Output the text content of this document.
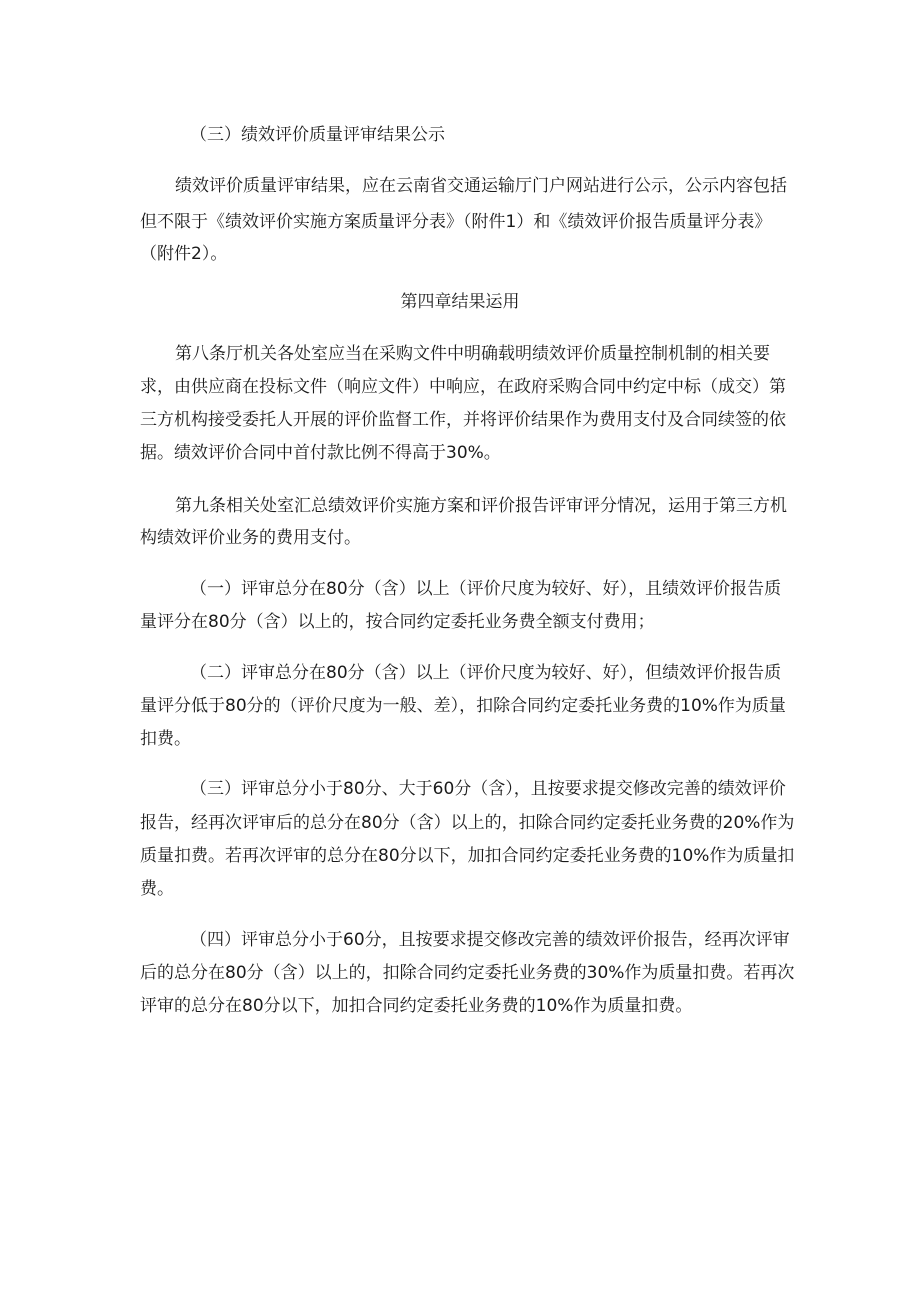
（三）绩效评价质量评审结果公示
绩效评价质量评审结果，应在云南省交通运输厅门户网站进行公示，公示内容包括
但不限于《绩效评价实施方案质量评分表》（附件1）和《绩效评价报告质量评分表》
（附件2）。
第四章结果运用
第八条厅机关各处室应当在采购文件中明确载明绩效评价质量控制机制的相关要
求，由供应商在投标文件（响应文件）中响应，在政府采购合同中约定中标（成交）第
三方机构接受委托人开展的评价监督工作，并将评价结果作为费用支付及合同续签的依
据。绩效评价合同中首付款比例不得高于30%。
第九条相关处室汇总绩效评价实施方案和评价报告评审评分情况，运用于第三方机
构绩效评价业务的费用支付。
（一）评审总分在80分（含）以上（评价尺度为较好、好），且绩效评价报告质
量评分在80分（含）以上的，按合同约定委托业务费全额支付费用；
（二）评审总分在80分（含）以上（评价尺度为较好、好），但绩效评价报告质
量评分低于80分的（评价尺度为一般、差），扣除合同约定委托业务费的10%作为质量
扣费。
（三）评审总分小于80分、大于60分（含），且按要求提交修改完善的绩效评价
报告，经再次评审后的总分在80分（含）以上的，扣除合同约定委托业务费的20%作为
质量扣费。若再次评审的总分在80分以下，加扣合同约定委托业务费的10%作为质量扣
费。
（四）评审总分小于60分，且按要求提交修改完善的绩效评价报告，经再次评审
后的总分在80分（含）以上的，扣除合同约定委托业务费的30%作为质量扣费。若再次
评审的总分在80分以下，加扣合同约定委托业务费的10%作为质量扣费。
